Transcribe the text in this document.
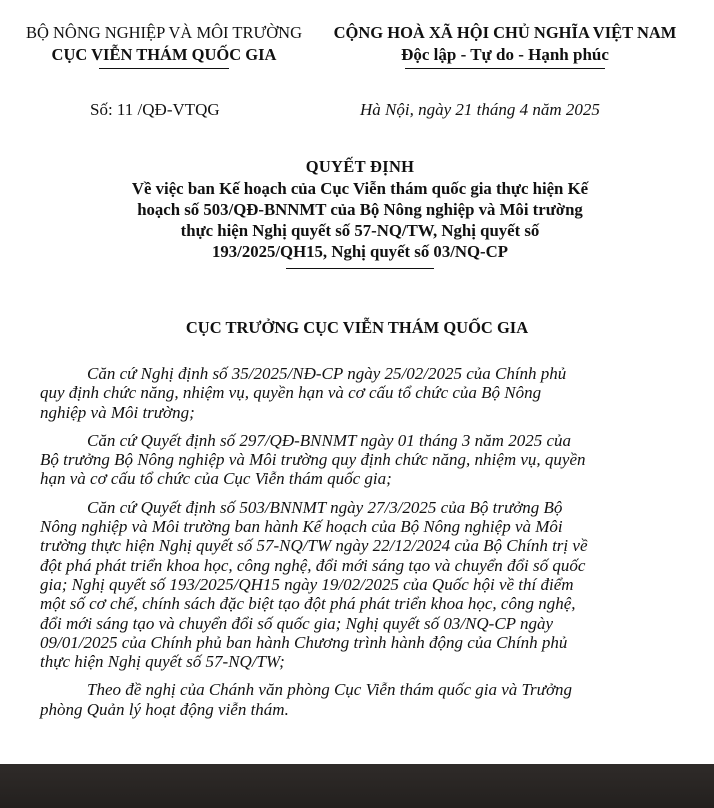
BỘ NÔNG NGHIỆP VÀ MÔI TRƯỜNG
CỤC VIỄN THÁM QUỐC GIA
CỘNG HOÀ XÃ HỘI CHỦ NGHĨA VIỆT NAM
Độc lập - Tự do - Hạnh phúc
Số: 11 /QĐ-VTQG	Hà Nội, ngày 21 tháng 4 năm 2025
QUYẾT ĐỊNH
Về việc ban Kế hoạch của Cục Viễn thám quốc gia thực hiện Kế
hoạch số 503/QĐ-BNNMT của Bộ Nông nghiệp và Môi trường
thực hiện Nghị quyết số 57-NQ/TW, Nghị quyết số
193/2025/QH15, Nghị quyết số 03/NQ-CP
CỤC TRƯỞNG CỤC VIỄN THÁM QUỐC GIA
Căn cứ Nghị định số 35/2025/NĐ-CP ngày 25/02/2025 của Chính phủ
quy định chức năng, nhiệm vụ, quyền hạn và cơ cấu tổ chức của Bộ Nông
nghiệp và Môi trường;
Căn cứ Quyết định số 297/QĐ-BNNMT ngày 01 tháng 3 năm 2025 của
Bộ trưởng Bộ Nông nghiệp và Môi trường quy định chức năng, nhiệm vụ, quyền
hạn và cơ cấu tổ chức của Cục Viễn thám quốc gia;
Căn cứ Quyết định số 503/BNNMT ngày 27/3/2025 của Bộ trưởng Bộ
Nông nghiệp và Môi trường ban hành Kế hoạch của Bộ Nông nghiệp và Môi
trường thực hiện Nghị quyết số 57-NQ/TW ngày 22/12/2024 của Bộ Chính trị về
đột phá phát triển khoa học, công nghệ, đổi mới sáng tạo và chuyển đổi số quốc
gia; Nghị quyết số 193/2025/QH15 ngày 19/02/2025 của Quốc hội về thí điểm
một số cơ chế, chính sách đặc biệt tạo đột phá phát triển khoa học, công nghệ,
đổi mới sáng tạo và chuyển đổi số quốc gia; Nghị quyết số 03/NQ-CP ngày
09/01/2025 của Chính phủ ban hành Chương trình hành động của Chính phủ
thực hiện Nghị quyết số 57-NQ/TW;
Theo đề nghị của Chánh văn phòng Cục Viễn thám quốc gia và Trưởng
phòng Quản lý hoạt động viễn thám.
